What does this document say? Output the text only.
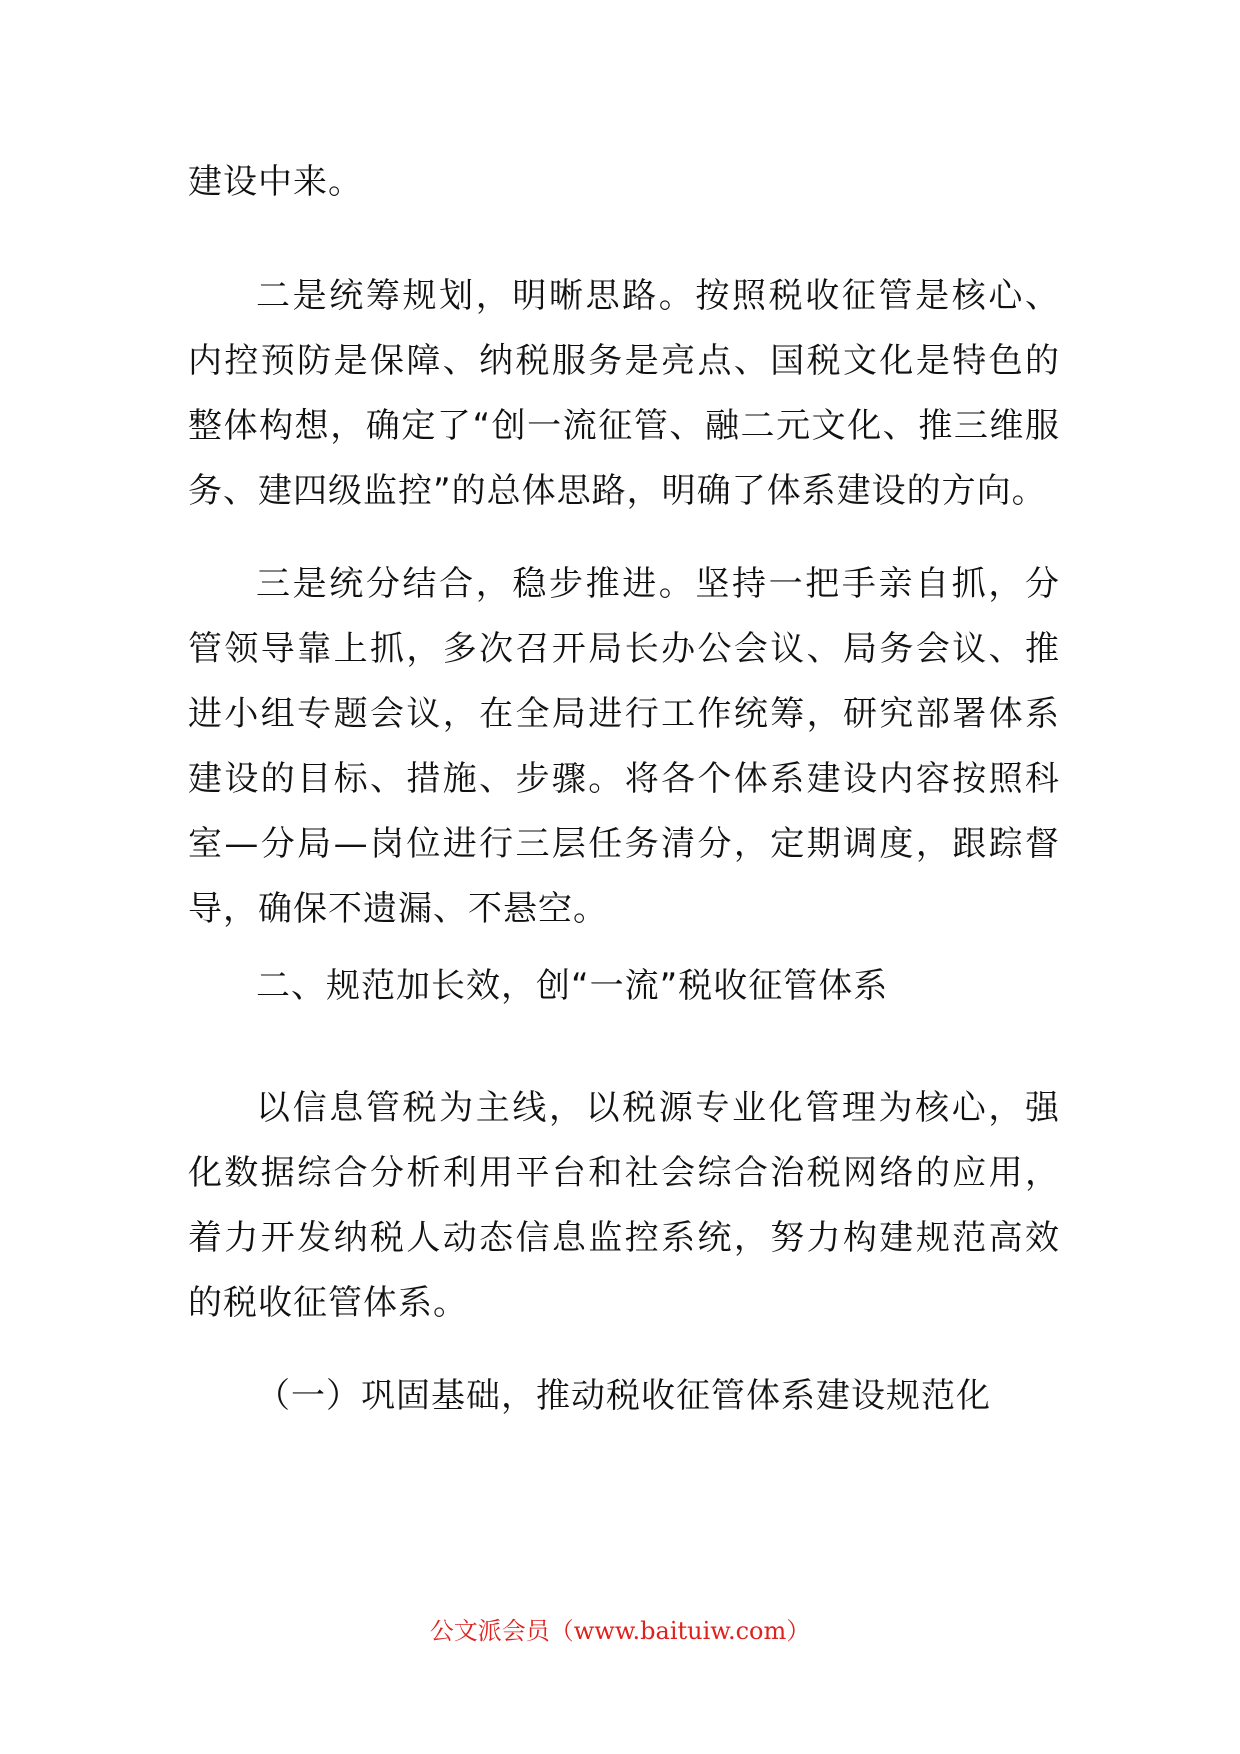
建设中来。

二是统筹规划，明晰思路。按照税收征管是核心、内控预防是保障、纳税服务是亮点、国税文化是特色的整体构想，确定了“创一流征管、融二元文化、推三维服务、建四级监控”的总体思路，明确了体系建设的方向。

三是统分结合，稳步推进。坚持一把手亲自抓，分管领导靠上抓，多次召开局长办公会议、局务会议、推进小组专题会议，在全局进行工作统筹，研究部署体系建设的目标、措施、步骤。将各个体系建设内容按照科室—分局—岗位进行三层任务清分，定期调度，跟踪督导，确保不遗漏、不悬空。

二、规范加长效，创“一流”税收征管体系

以信息管税为主线，以税源专业化管理为核心，强化数据综合分析利用平台和社会综合治税网络的应用，着力开发纳税人动态信息监控系统，努力构建规范高效的税收征管体系。

（一）巩固基础，推动税收征管体系建设规范化

公文派会员（www.baituiw.com）
